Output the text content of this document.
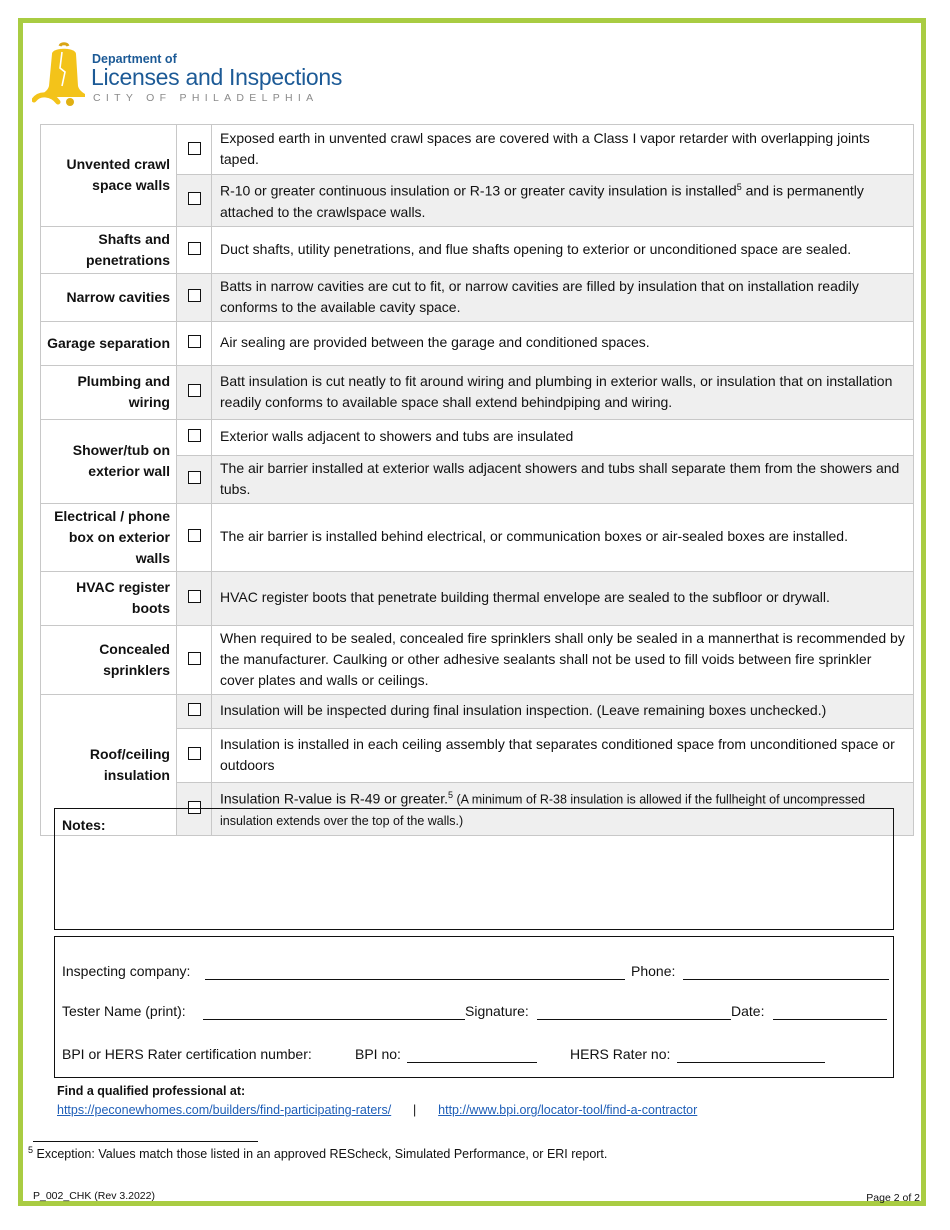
Department of
Licenses and Inspections
CITY OF PHILADELPHIA
Unvented crawl space walls		Exposed earth in unvented crawl spaces are covered with a Class I vapor retarder with overlapping joints taped.
		R-10 or greater continuous insulation or R-13 or greater cavity insulation is installed$^5$ and is permanently attached to the crawlspace walls.
Shafts and penetrations		Duct shafts, utility penetrations, and flue shafts opening to exterior or unconditioned space are sealed.
Narrow cavities		Batts in narrow cavities are cut to fit, or narrow cavities are filled by insulation that on installation readily conforms to the available cavity space.
Garage separation		Air sealing are provided between the garage and conditioned spaces.
Plumbing and wiring		Batt insulation is cut neatly to fit around wiring and plumbing in exterior walls, or insulation that on installation readily conforms to available space shall extend behindpiping and wiring.
Shower/tub on exterior wall		Exterior walls adjacent to showers and tubs are insulated
		The air barrier installed at exterior walls adjacent showers and tubs shall separate them from the showers and tubs.
Electrical / phone box on exterior walls		The air barrier is installed behind electrical, or communication boxes or air-sealed boxes are installed.
HVAC register boots		HVAC register boots that penetrate building thermal envelope are sealed to the subfloor or drywall.
Concealed sprinklers		When required to be sealed, concealed fire sprinklers shall only be sealed in a mannerthat is recommended by the manufacturer. Caulking or other adhesive sealants shall not be used to fill voids between fire sprinkler cover plates and walls or ceilings.
Roof/ceiling insulation		Insulation will be inspected during final insulation inspection. (Leave remaining boxes unchecked.)
		Insulation is installed in each ceiling assembly that separates conditioned space from unconditioned space or outdoors
		Insulation R-value is R-49 or greater.$^5$ (A minimum of R-38 insulation is allowed if the fullheight of uncompressed insulation extends over the top of the walls.)
Notes:
Inspecting company:	Phone:
Tester Name (print):	Signature:	Date:
BPI or HERS Rater certification number:	BPI no:	HERS Rater no:
Find a qualified professional at:
https://peconewhomes.com/builders/find-participating-raters/ | http://www.bpi.org/locator-tool/find-a-contractor
$^5$ Exception: Values match those listed in an approved REScheck, Simulated Performance, or ERI report.
P_002_CHK (Rev 3.2022)	Page 2 of 2
